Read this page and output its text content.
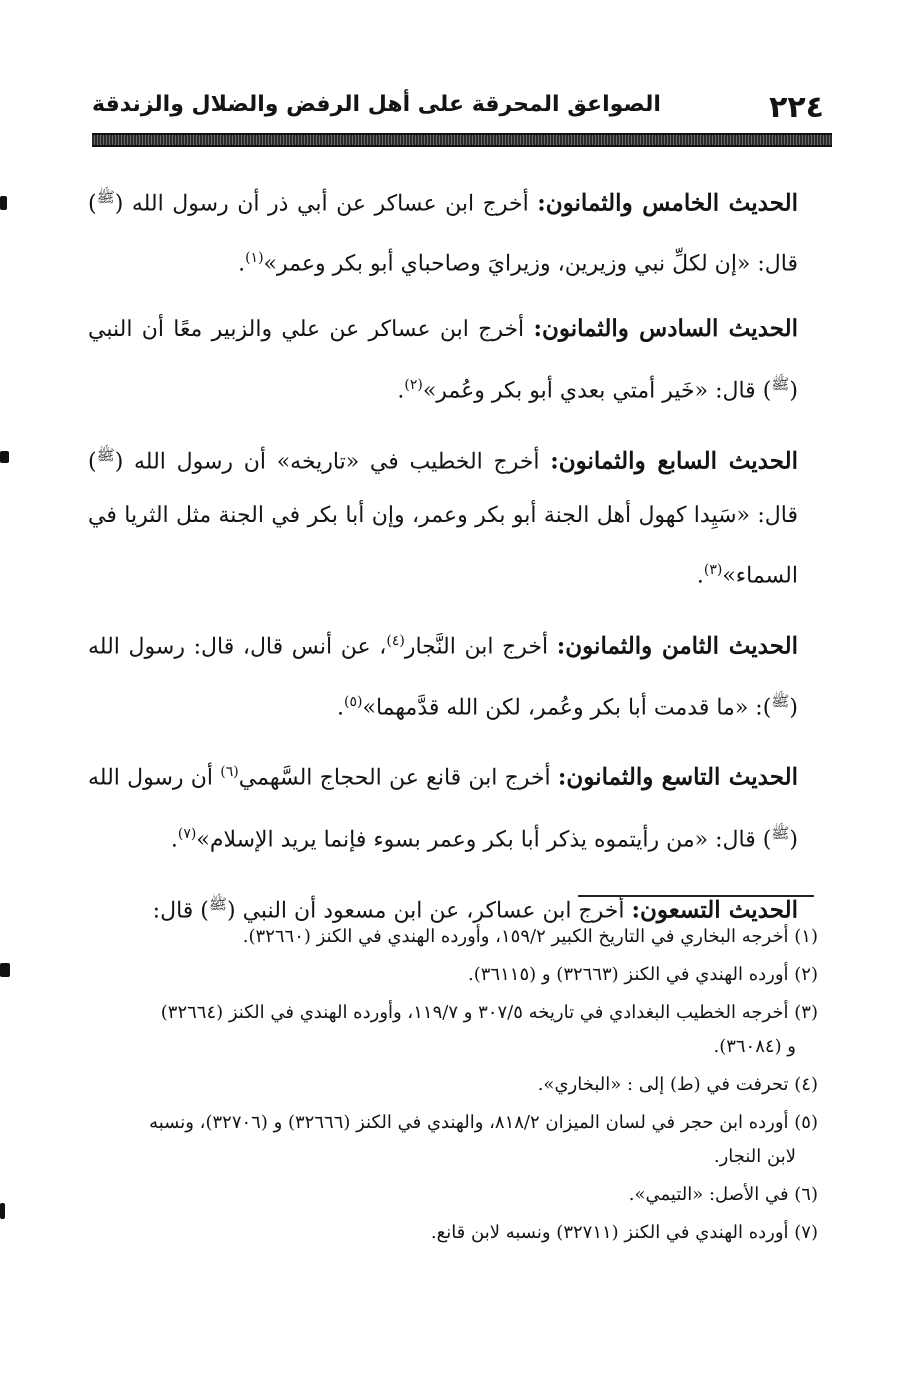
٢٢٤
الصواعق المحرقة على أهل الرفض والضلال والزندقة

الحديث الخامس والثمانون: أخرج ابن عساكر عن أبي ذر أن رسول الله ($^ﷺ$) قال: «إن لكلِّ نبي وزيرين، وزيرايَ وصاحباي أبو بكر وعمر»$^{(١)}$.

الحديث السادس والثمانون: أخرج ابن عساكر عن علي والزبير معًا أن النبي ($^ﷺ$) قال: «خَير أمتي بعدي أبو بكر وعُمر»$^{(٢)}$.

الحديث السابع والثمانون: أخرج الخطيب في «تاريخه» أن رسول الله ($^ﷺ$) قال: «سَيِدا كهول أهل الجنة أبو بكر وعمر، وإن أبا بكر في الجنة مثل الثريا في السماء»$^{(٣)}$.

الحديث الثامن والثمانون: أخرج ابن النَّجار$^{(٤)}$، عن أنس قال، قال: رسول الله ($^ﷺ$): «ما قدمت أبا بكر وعُمر، لكن الله قدَّمهما»$^{(٥)}$.

الحديث التاسع والثمانون: أخرج ابن قانع عن الحجاج السَّهمي$^{(٦)}$ أن رسول الله ($^ﷺ$) قال: «من رأيتموه يذكر أبا بكر وعمر بسوء فإنما يريد الإسلام»$^{(٧)}$.

الحديث التسعون: أخرج ابن عساكر، عن ابن مسعود أن النبي ($^ﷺ$) قال:

(١) أخرجه البخاري في التاريخ الكبير ١٥٩/٢، وأورده الهندي في الكنز (٣٢٦٦٠).

(٢) أورده الهندي في الكنز (٣٢٦٦٣) و (٣٦١١٥).

(٣) أخرجه الخطيب البغدادي في تاريخه ٣٠٧/٥ و ١١٩/٧، وأورده الهندي في الكنز (٣٢٦٦٤)
و (٣٦٠٨٤).

(٤) تحرفت في (ط) إلى : «البخاري».

(٥) أورده ابن حجر في لسان الميزان ٨١٨/٢، والهندي في الكنز (٣٢٦٦٦) و (٣٢٧٠٦)، ونسبه
لابن النجار.

(٦) في الأصل: «التيمي».

(٧) أورده الهندي في الكنز (٣٢٧١١) ونسبه لابن قانع.
